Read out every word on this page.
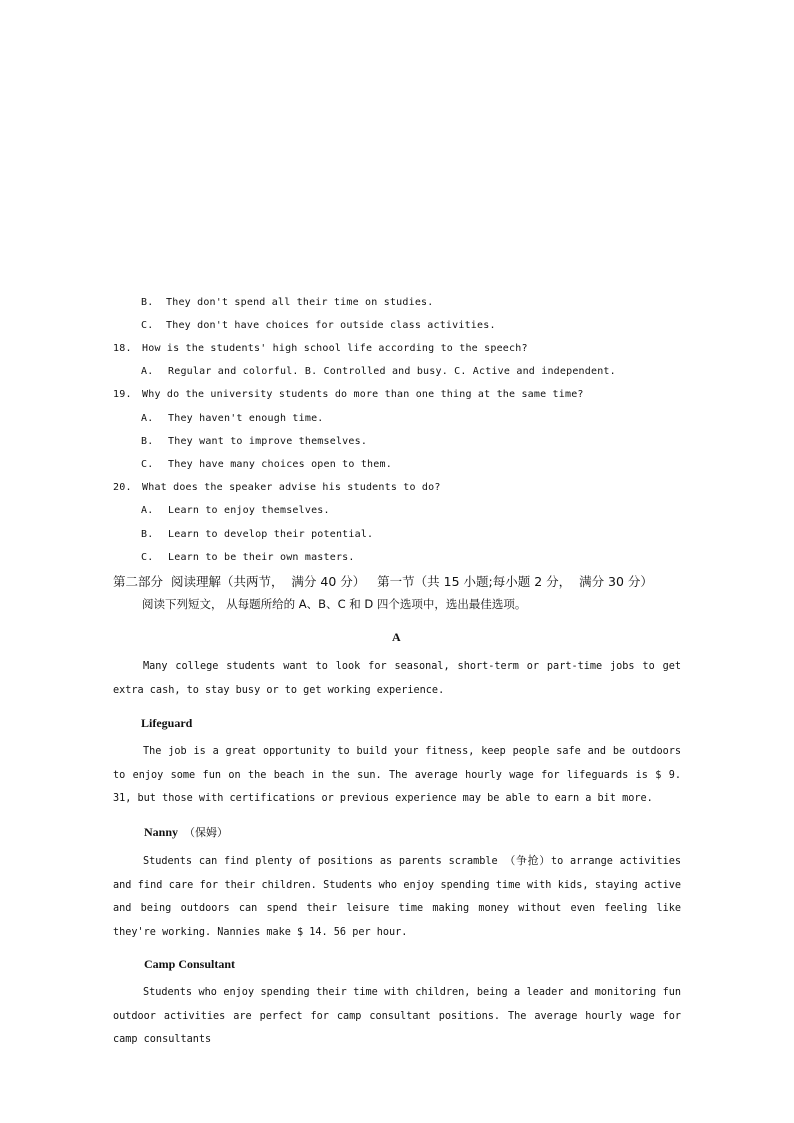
B. They don't spend all their time on studies.
C. They don't have choices for outside class activities.
18. How is the students' high school life according to the speech?
A. Regular and colorful. B. Controlled and busy. C. Active and independent.
19. Why do the university students do more than one thing at the same time?
A. They haven't enough time.
B. They want to improve themselves.
C. They have many choices open to them.
20. What does the speaker advise his students to do?
A. Learn to enjoy themselves.
B. Learn to develop their potential.
C. Learn to be their own masters.
第二部分  阅读理解（共两节，  满分 40 分）   第一节（共 15 小题;每小题 2 分，  满分 30 分）
阅读下列短文， 从每题所给的 A、B、C 和 D 四个选项中，选出最佳选项。
A
Many college students want to look for seasonal, short-term or part-time jobs to get extra cash, to stay busy or to get working experience.
Lifeguard
The job is a great opportunity to build your fitness, keep people safe and be outdoors to enjoy some fun on the beach in the sun. The average hourly wage for lifeguards is $ 9. 31, but those with certifications or previous experience may be able to earn a bit more.
Nanny （保姆）
Students can find plenty of positions as parents scramble （争抢）to arrange activities and find care for their children. Students who enjoy spending time with kids, staying active and being outdoors can spend their leisure time making money without even feeling like they're working. Nannies make $ 14. 56 per hour.
Camp Consultant
Students who enjoy spending their time with children, being a leader and monitoring fun outdoor activities are perfect for camp consultant positions. The average hourly wage for camp consultants
